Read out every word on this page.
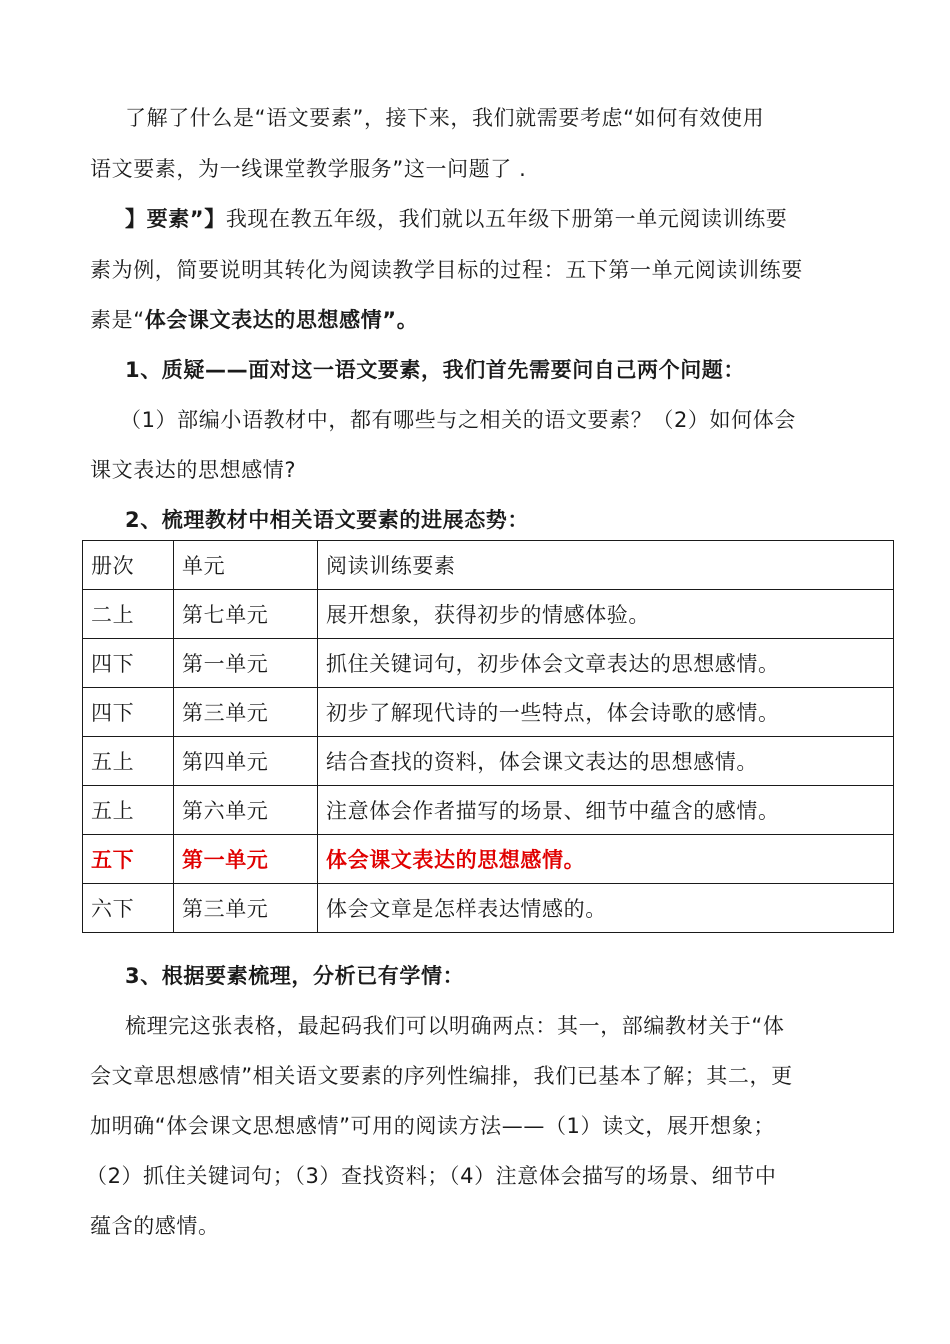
了解了什么是“语文要素”，接下来，我们就需要考虑“如何有效使用
语文要素，为一线课堂教学服务”这一问题了 .
】要素”】我现在教五年级，我们就以五年级下册第一单元阅读训练要
素为例，简要说明其转化为阅读教学目标的过程：五下第一单元阅读训练要
素是“体会课文表达的思想感情”。
1、质疑——面对这一语文要素，我们首先需要问自己两个问题：
（1）部编小语教材中，都有哪些与之相关的语文要素？（2）如何体会
课文表达的思想感情?
2、梳理教材中相关语文要素的进展态势：
册次	单元	阅读训练要素
二上	第七单元	展开想象，获得初步的情感体验。
四下	第一单元	抓住关键词句，初步体会文章表达的思想感情。
四下	第三单元	初步了解现代诗的一些特点，体会诗歌的感情。
五上	第四单元	结合查找的资料，体会课文表达的思想感情。
五上	第六单元	注意体会作者描写的场景、细节中蕴含的感情。
五下	第一单元	体会课文表达的思想感情。
六下	第三单元	体会文章是怎样表达情感的。
3、根据要素梳理，分析已有学情：
梳理完这张表格，最起码我们可以明确两点：其一，部编教材关于“体
会文章思想感情”相关语文要素的序列性编排，我们已基本了解；其二，更
加明确“体会课文思想感情”可用的阅读方法——（1）读文，展开想象；
（2）抓住关键词句；（3）查找资料；（4）注意体会描写的场景、细节中
蕴含的感情。
